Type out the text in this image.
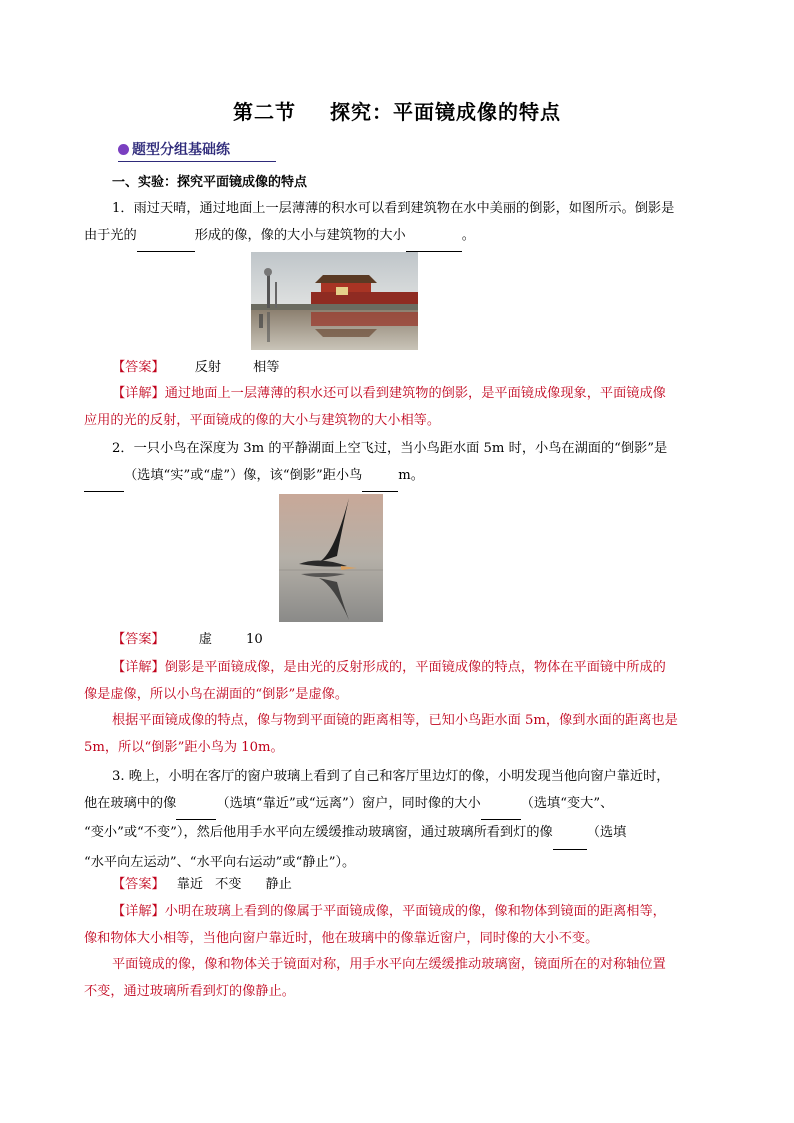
第二节 探究：平面镜成像的特点
题型分组基础练
一、实验：探究平面镜成像的特点
1．雨过天晴，通过地面上一层薄薄的积水可以看到建筑物在水中美丽的倒影，如图所示。倒影是
由于光的	形成的像，像的大小与建筑物的大小	。
【答案】 反射 相等
【详解】通过地面上一层薄薄的积水还可以看到建筑物的倒影，是平面镜成像现象，平面镜成像
应用的光的反射，平面镜成的像的大小与建筑物的大小相等。
2．一只小鸟在深度为 3m 的平静湖面上空飞过，当小鸟距水面 5m 时，小鸟在湖面的“倒影”是
（选填“实”或“虚”）像，该“倒影”距小鸟	m。
【答案】	虚	10
【详解】倒影是平面镜成像，是由光的反射形成的，平面镜成像的特点，物体在平面镜中所成的
像是虚像，所以小鸟在湖面的“倒影”是虚像。
根据平面镜成像的特点，像与物到平面镜的距离相等，已知小鸟距水面 5m，像到水面的距离也是
5m，所以“倒影”距小鸟为 10m。
3. 晚上，小明在客厅的窗户玻璃上看到了自己和客厅里边灯的像，小明发现当他向窗户靠近时，
他在玻璃中的像	（选填“靠近”或“远离”）窗户，同时像的大小	（选填“变大”、
“变小”或“不变”），然后他用手水平向左缓缓推动玻璃窗，通过玻璃所看到灯的像	（选填
“水平向左运动”、“水平向右运动”或“静止”）。
【答案】 靠近 不变 静止
【详解】小明在玻璃上看到的像属于平面镜成像，平面镜成的像，像和物体到镜面的距离相等，
像和物体大小相等，当他向窗户靠近时，他在玻璃中的像靠近窗户，同时像的大小不变。
平面镜成的像，像和物体关于镜面对称，用手水平向左缓缓推动玻璃窗，镜面所在的对称轴位置
不变，通过玻璃所看到灯的像静止。
